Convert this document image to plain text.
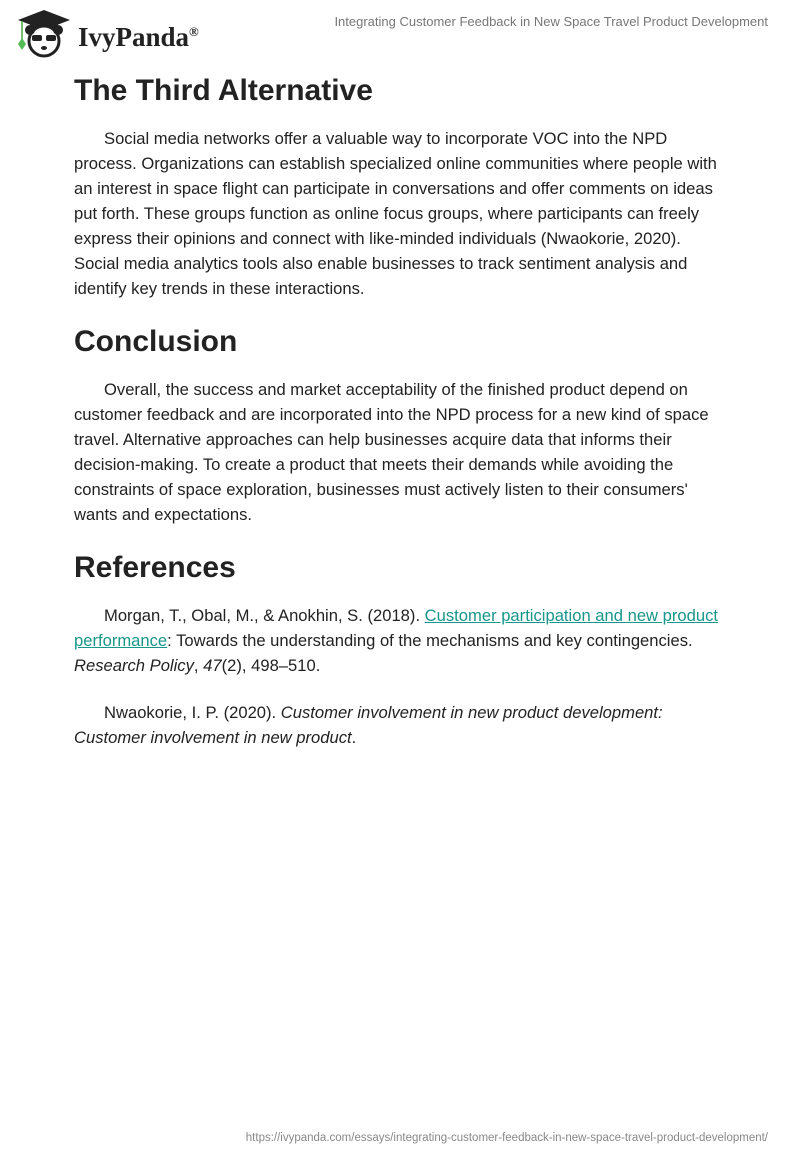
IvyPanda®
Integrating Customer Feedback in New Space Travel Product Development
The Third Alternative

Social media networks offer a valuable way to incorporate VOC into the NPD process. Organizations can establish specialized online communities where people with an interest in space flight can participate in conversations and offer comments on ideas put forth. These groups function as online focus groups, where participants can freely express their opinions and connect with like-minded individuals (Nwaokorie, 2020). Social media analytics tools also enable businesses to track sentiment analysis and identify key trends in these interactions.

Conclusion

Overall, the success and market acceptability of the finished product depend on customer feedback and are incorporated into the NPD process for a new kind of space travel. Alternative approaches can help businesses acquire data that informs their decision-making. To create a product that meets their demands while avoiding the constraints of space exploration, businesses must actively listen to their consumers' wants and expectations.

References

Morgan, T., Obal, M., & Anokhin, S. (2018). Customer participation and new product performance: Towards the understanding of the mechanisms and key contingencies. Research Policy, 47(2), 498–510.

Nwaokorie, I. P. (2020). Customer involvement in new product development: Customer involvement in new product.

https://ivypanda.com/essays/integrating-customer-feedback-in-new-space-travel-product-development/
